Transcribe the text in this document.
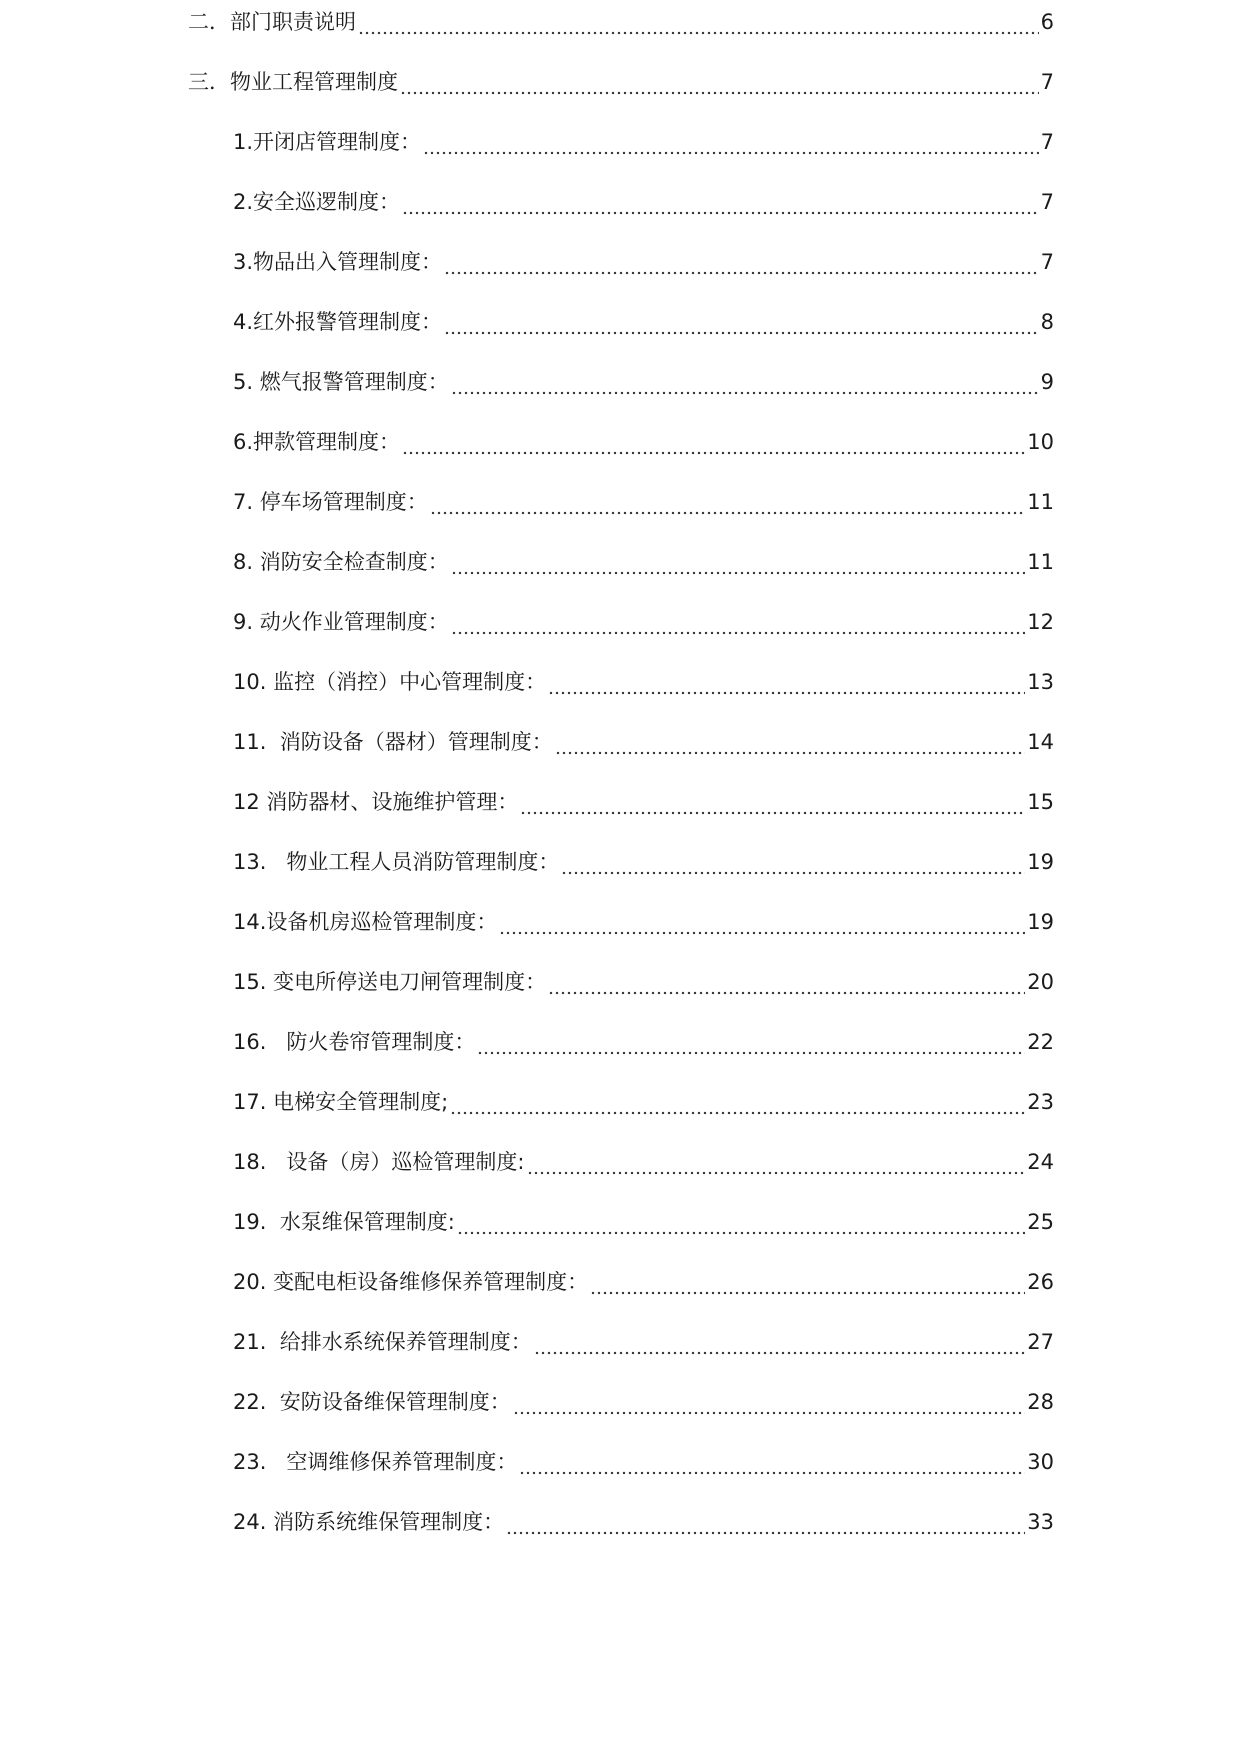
二．部门职责说明	6
三．物业工程管理制度	7
1.开闭店管理制度：	7
2.安全巡逻制度：	7
3.物品出入管理制度：	7
4.红外报警管理制度：	8
5. 燃气报警管理制度：	9
6.押款管理制度：	10
7. 停车场管理制度：	11
8. 消防安全检查制度：	11
9. 动火作业管理制度：	12
10. 监控（消控）中心管理制度：	13
11.  消防设备（器材）管理制度：	14
12 消防器材、设施维护管理：	15
13.   物业工程人员消防管理制度：	19
14.设备机房巡检管理制度：	19
15. 变电所停送电刀闸管理制度：	20
16.   防火卷帘管理制度：	22
17. 电梯安全管理制度;	23
18.   设备（房）巡检管理制度:	24
19.  水泵维保管理制度:	25
20. 变配电柜设备维修保养管理制度：	26
21.  给排水系统保养管理制度：	27
22.  安防设备维保管理制度：	28
23.   空调维修保养管理制度：	30
24. 消防系统维保管理制度：	33
